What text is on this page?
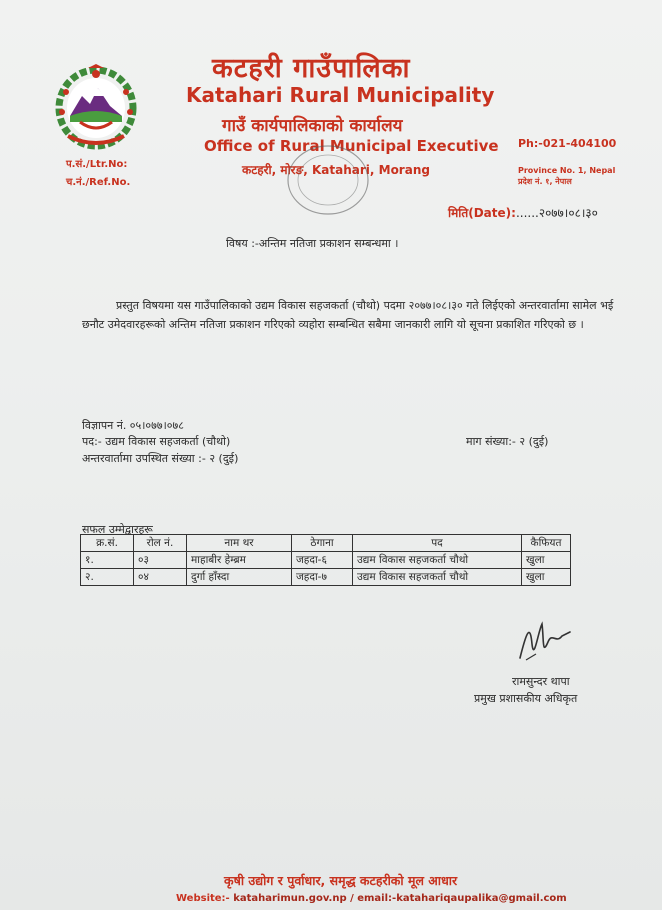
कटहरी गाउँपालिका
Katahari Rural Municipality
गाउँ कार्यपालिकाको कार्यालय
Office of Rural Municipal Executive
कटहरी, मोरङ, Katahari, Morang
Ph:-021-404100
Province No. 1, Nepal
प्रदेश नं. १, नेपाल
प.सं./Ltr.No:
च.नं./Ref.No.
मिति(Date):......२०७७।०८।३०
विषय :-अन्तिम नतिजा प्रकाशन सम्बन्धमा ।
प्रस्तुत विषयमा यस गाउँपालिकाको उद्यम विकास सहजकर्ता (चौथो) पदमा २०७७।०८।३० गते लिईएको अन्तरवार्तामा सामेल भई छनौट उमेदवारहरूको अन्तिम नतिजा प्रकाशन गरिएको व्यहोरा सम्बन्धित सबैमा जानकारी लागि यो सूचना प्रकाशित गरिएको छ ।
विज्ञापन नं. ०५।०७७।०७८
पद:- उद्यम विकास सहजकर्ता (चौथो)	माग संख्या:- २ (दुई)
अन्तरवार्तामा उपस्थित संख्या :- २ (दुई)
सफल उम्मेद्वारहरू
क्र.सं.	रोल नं.	नाम थर	ठेगाना	पद	कैफियत
१.	०३	माहाबीर हेम्ब्रम	जहदा-६	उद्यम विकास सहजकर्ता चौथो	खुला
२.	०४	दुर्गा हाँस्दा	जहदा-७	उद्यम विकास सहजकर्ता चौथो	खुला
रामसुन्दर थापा
प्रमुख प्रशासकीय अधिकृत
कृषी उद्योग र पुर्वाधार, समृद्ध कटहरीको मूल आधार
Website:- kataharimun.gov.np / email:-katahariqaupalika@gmail.com
